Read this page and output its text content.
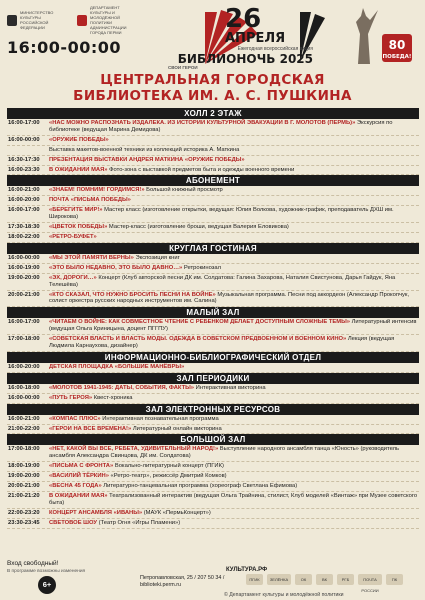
МИНИСТЕРСТВО КУЛЬТУРЫ РОССИЙСКОЙ ФЕДЕРАЦИИ
ДЕПАРТАМЕНТ КУЛЬТУРЫ И МОЛОДЁЖНОЙ ПОЛИТИКИ АДМИНИСТРАЦИИ ГОРОДА ПЕРМИ
16:00-00:00
26
АПРЕЛЯ
Ежегодная всероссийская акция
БИБЛИОНОЧЬ 2025
СВОИ ГЕРОИ
80
ПОБЕДА!
ЦЕНТРАЛЬНАЯ ГОРОДСКАЯ
БИБЛИОТЕКА ИМ. А. С. ПУШКИНА
ХОЛЛ 2 ЭТАЖ
16:00-17:00	«НАС МОЖНО РАСПОЗНАТЬ ИЗДАЛЕКА. ИЗ ИСТОРИИ КУЛЬТУРНОЙ ЭВАКУАЦИИ В Г. МОЛОТОВ (ПЕРМЬ)» Экскурсия по библиотеке (ведущая Марина Демидова)
16:00-00:00	«ОРУЖИЕ ПОБЕДЫ»
Выставка макетов-военной техники из коллекций историка А. Маткина
16:30-17:30	ПРЕЗЕНТАЦИЯ ВЫСТАВКИ АНДРЕЯ МАТКИНА «ОРУЖИЕ ПОБЕДЫ»
16:00-23:30	В ОЖИДАНИИ МАЯ» Фото-зона с выставкой предметов быта и одежды военного времени
АБОНЕМЕНТ
16:00-21:00	«ЗНАЕМ! ПОМНИМ! ГОРДИМСЯ!» Большой книжный просмотр
16:00-20:00	ПОЧТА «ПИСЬМА ПОБЕДЫ»
16:00-17:00	«БЕРЕГИТЕ МИР!» Мастер класс (изготовление открытки, ведущая: Юлия Волкова, художник-график, преподаватель ДХШ им. Широкова)
17:30-18:30	«ЦВЕТОК ПОБЕДЫ» Мастер-класс (изготовление броши, ведущая Валерия Еловикова)
18:00-22:00	«РЕТРО-БУФЕТ»
КРУГЛАЯ ГОСТИНАЯ
16:00-00:00	«МЫ ЭТОЙ ПАМЯТИ ВЕРНЫ» Экспозиция книг
16:00-19:00	«ЭТО БЫЛО НЕДАВНО, ЭТО БЫЛО ДАВНО…» Ретрокинозал
19:00-20:00	«ЭХ, ДОРОГИ…» Концерт (Клуб авторской песни ДК им. Солдатова: Галина Захарова, Наталия Свистунова, Дарья Гайдук, Яна Телешёва)
20:00-21:00	«КТО СКАЗАЛ, ЧТО НУЖНО БРОСИТЬ ПЕСНИ НА ВОЙНЕ» Музыкальная программа. Песни под аккордеон (Александр Прокопчук, солист оркестра русских народных инструментов им. Салина)
МАЛЫЙ ЗАЛ
16:00-17:00	«ЧИТАЕМ О ВОЙНЕ: КАК СОВМЕСТНОЕ ЧТЕНИЕ С РЕБЕНКОМ ДЕЛАЕТ ДОСТУПНЫМ СЛОЖНЫЕ ТЕМЫ» Литературный интенсив (ведущая Ольга Криницына, доцент ПГГПУ)
17:00-18:00	«СОВЕТСКАЯ ВЛАСТЬ И ВЛАСТЬ МОДЫ. ОДЕЖДА В СОВЕТСКОМ ПРЕДВОЕННОМ И ВОЕННОМ КИНО» Лекция (ведущая Людмила Карнаухова, дизайнер)
ИНФОРМАЦИОННО-БИБЛИОГРАФИЧЕСКИЙ ОТДЕЛ
16:00-20:00	ДЕТСКАЯ ПЛОЩАДКА «БОЛЬШИЕ МАНЁВРЫ»
ЗАЛ ПЕРИОДИКИ
16:00-18:00	«МОЛОТОВ 1941-1945: ДАТЫ, СОБЫТИЯ, ФАКТЫ» Интерактивная викторина
16:00-00:00	«ПУТЬ ГЕРОЯ» Квест-хроника
ЗАЛ ЭЛЕКТРОННЫХ РЕСУРСОВ
16:00-21:00	«КОМПАС ПЛЮС» Интерактивная познавательная программа
21:00-22:00	«ГЕРОИ НА ВСЕ ВРЕМЕНА!» Литературный онлайн викторина
БОЛЬШОЙ ЗАЛ
17:00-18:00	«НЕТ, КАКОЙ ВЫ ВСЕ, РЕБЕТА, УДИВИТЕЛЬНЫЙ НАРОД!» Выступление народного ансамбля танца «Юность» (руководитель ансамбля Александра Свинцова, ДК им. Солдатова)
18:00-19:00	«ПИСЬМА С ФРОНТА» Вокально-литературный концерт (ПГИК)
19:00-20:00	«ВАСИЛИЙ ТЁРКИН» «Ретро-театр», режиссёр Дмитрий Комков)
20:00-21:00	«ВЕСНА 45 ГОДА» Литературно-танцевальная программа (хореограф Светлана Ефимова)
21:00-21:20	В ОЖИДАНИИ МАЯ» Театрализованный интерактив (ведущая Ольга Трайнина, стилист, Клуб моделей «Винтаж» при Музее советского быта)
22:00-23:20	КОНЦЕРТ АНСАМБЛЯ «ИВАНЫ» (МАУК «ПермьКонцерт»)
23:30-23:45	СВЕТОВОЕ ШОУ (Театр Огня «Игры Пламени»)
Вход свободный!
В программе возможны изменения
6+
Петропавловская, 25 / 207 50 34 /
biblioteki.perm.ru
КУЛЬТУРА.РФ
ПГИК	ЗЕЛЁНКА	ОК	ВК	РГБ	ПОЧТА РОССИИ
ПК
© Департамент культуры и молодёжной политики
